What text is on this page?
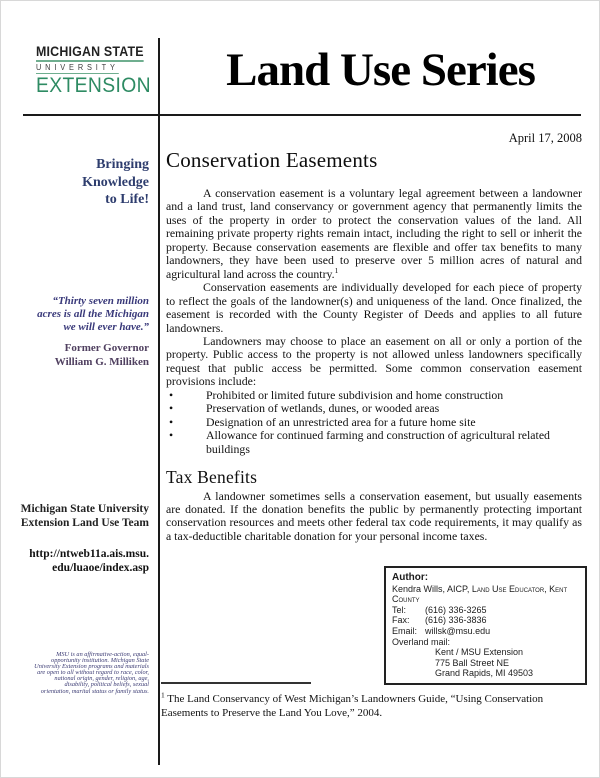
MICHIGAN STATE
UNIVERSITY
EXTENSION	Land Use Series
Bringing
Knowledge
to Life!
“Thirty seven million
acres is all the Michigan
we will ever have.”
Former Governor
William G. Milliken
Michigan State University
Extension Land Use Team
http://ntweb11a.ais.msu.
edu/luaoe/index.asp
MSU is an affirmative-action, equal-
opportunity institution. Michigan State
University Extension programs and materials
are open to all without regard to race, color,
national origin, gender, religion, age,
disability, political beliefs, sexual
orientation, marital status or family status.
April 17, 2008
Conservation Easements

A conservation easement is a voluntary legal agreement between a landowner and a land trust, land conservancy or government agency that permanently limits the uses of the property in order to protect the conservation values of the land. All remaining private property rights remain intact, including the right to sell or inherit the property. Because conservation easements are flexible and offer tax benefits to many landowners, they have been used to preserve over 5 million acres of natural and agricultural land across the country.$^1$

Conservation easements are individually developed for each piece of property to reflect the goals of the landowner(s) and uniqueness of the land. Once finalized, the easement is recorded with the County Register of Deeds and applies to all future landowners.

Landowners may choose to place an easement on all or only a portion of the property. Public access to the property is not allowed unless landowners specifically request that public access be permitted. Some common conservation easement provisions include:

• Prohibited or limited future subdivision and home construction
• Preservation of wetlands, dunes, or wooded areas
• Designation of an unrestricted area for a future home site
• Allowance for continued farming and construction of agricultural related buildings
Tax Benefits

A landowner sometimes sells a conservation easement, but usually easements are donated. If the donation benefits the public by permanently protecting important conservation resources and meets other federal tax code requirements, it may qualify as a tax-deductible charitable donation for your personal income taxes.

Author:
Kendra Wills, AICP, Land Use Educator, Kent County
Tel:	(616) 336-3265
Fax:	(616) 336-3836
Email: willsk@msu.edu
Overland mail:
Kent / MSU Extension
775 Ball Street NE
Grand Rapids, MI 49503
$^1$ The Land Conservancy of West Michigan’s Landowners Guide, “Using Conservation Easements to Preserve the Land You Love,” 2004.
